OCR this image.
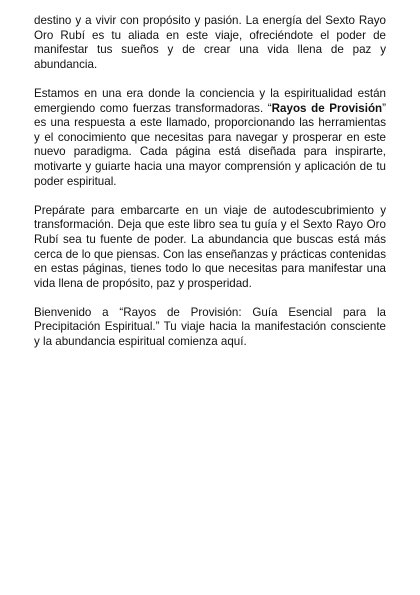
destino y a vivir con propósito y pasión. La energía del Sexto Rayo Oro Rubí es tu aliada en este viaje, ofreciéndote el poder de manifestar tus sueños y de crear una vida llena de paz y abundancia.

Estamos en una era donde la conciencia y la espiritualidad están emergiendo como fuerzas transformadoras. “Rayos de Provisión” es una respuesta a este llamado, proporcionando las herramientas y el conocimiento que necesitas para navegar y prosperar en este nuevo paradigma. Cada página está diseñada para inspirarte, motivarte y guiarte hacia una mayor comprensión y aplicación de tu poder espiritual.

Prepárate para embarcarte en un viaje de autodescubrimiento y transformación. Deja que este libro sea tu guía y el Sexto Rayo Oro Rubí sea tu fuente de poder. La abundancia que buscas está más cerca de lo que piensas. Con las enseñanzas y prácticas contenidas en estas páginas, tienes todo lo que necesitas para manifestar una vida llena de propósito, paz y prosperidad.

Bienvenido a “Rayos de Provisión: Guía Esencial para la Precipitación Espiritual.” Tu viaje hacia la manifestación consciente y la abundancia espiritual comienza aquí.
